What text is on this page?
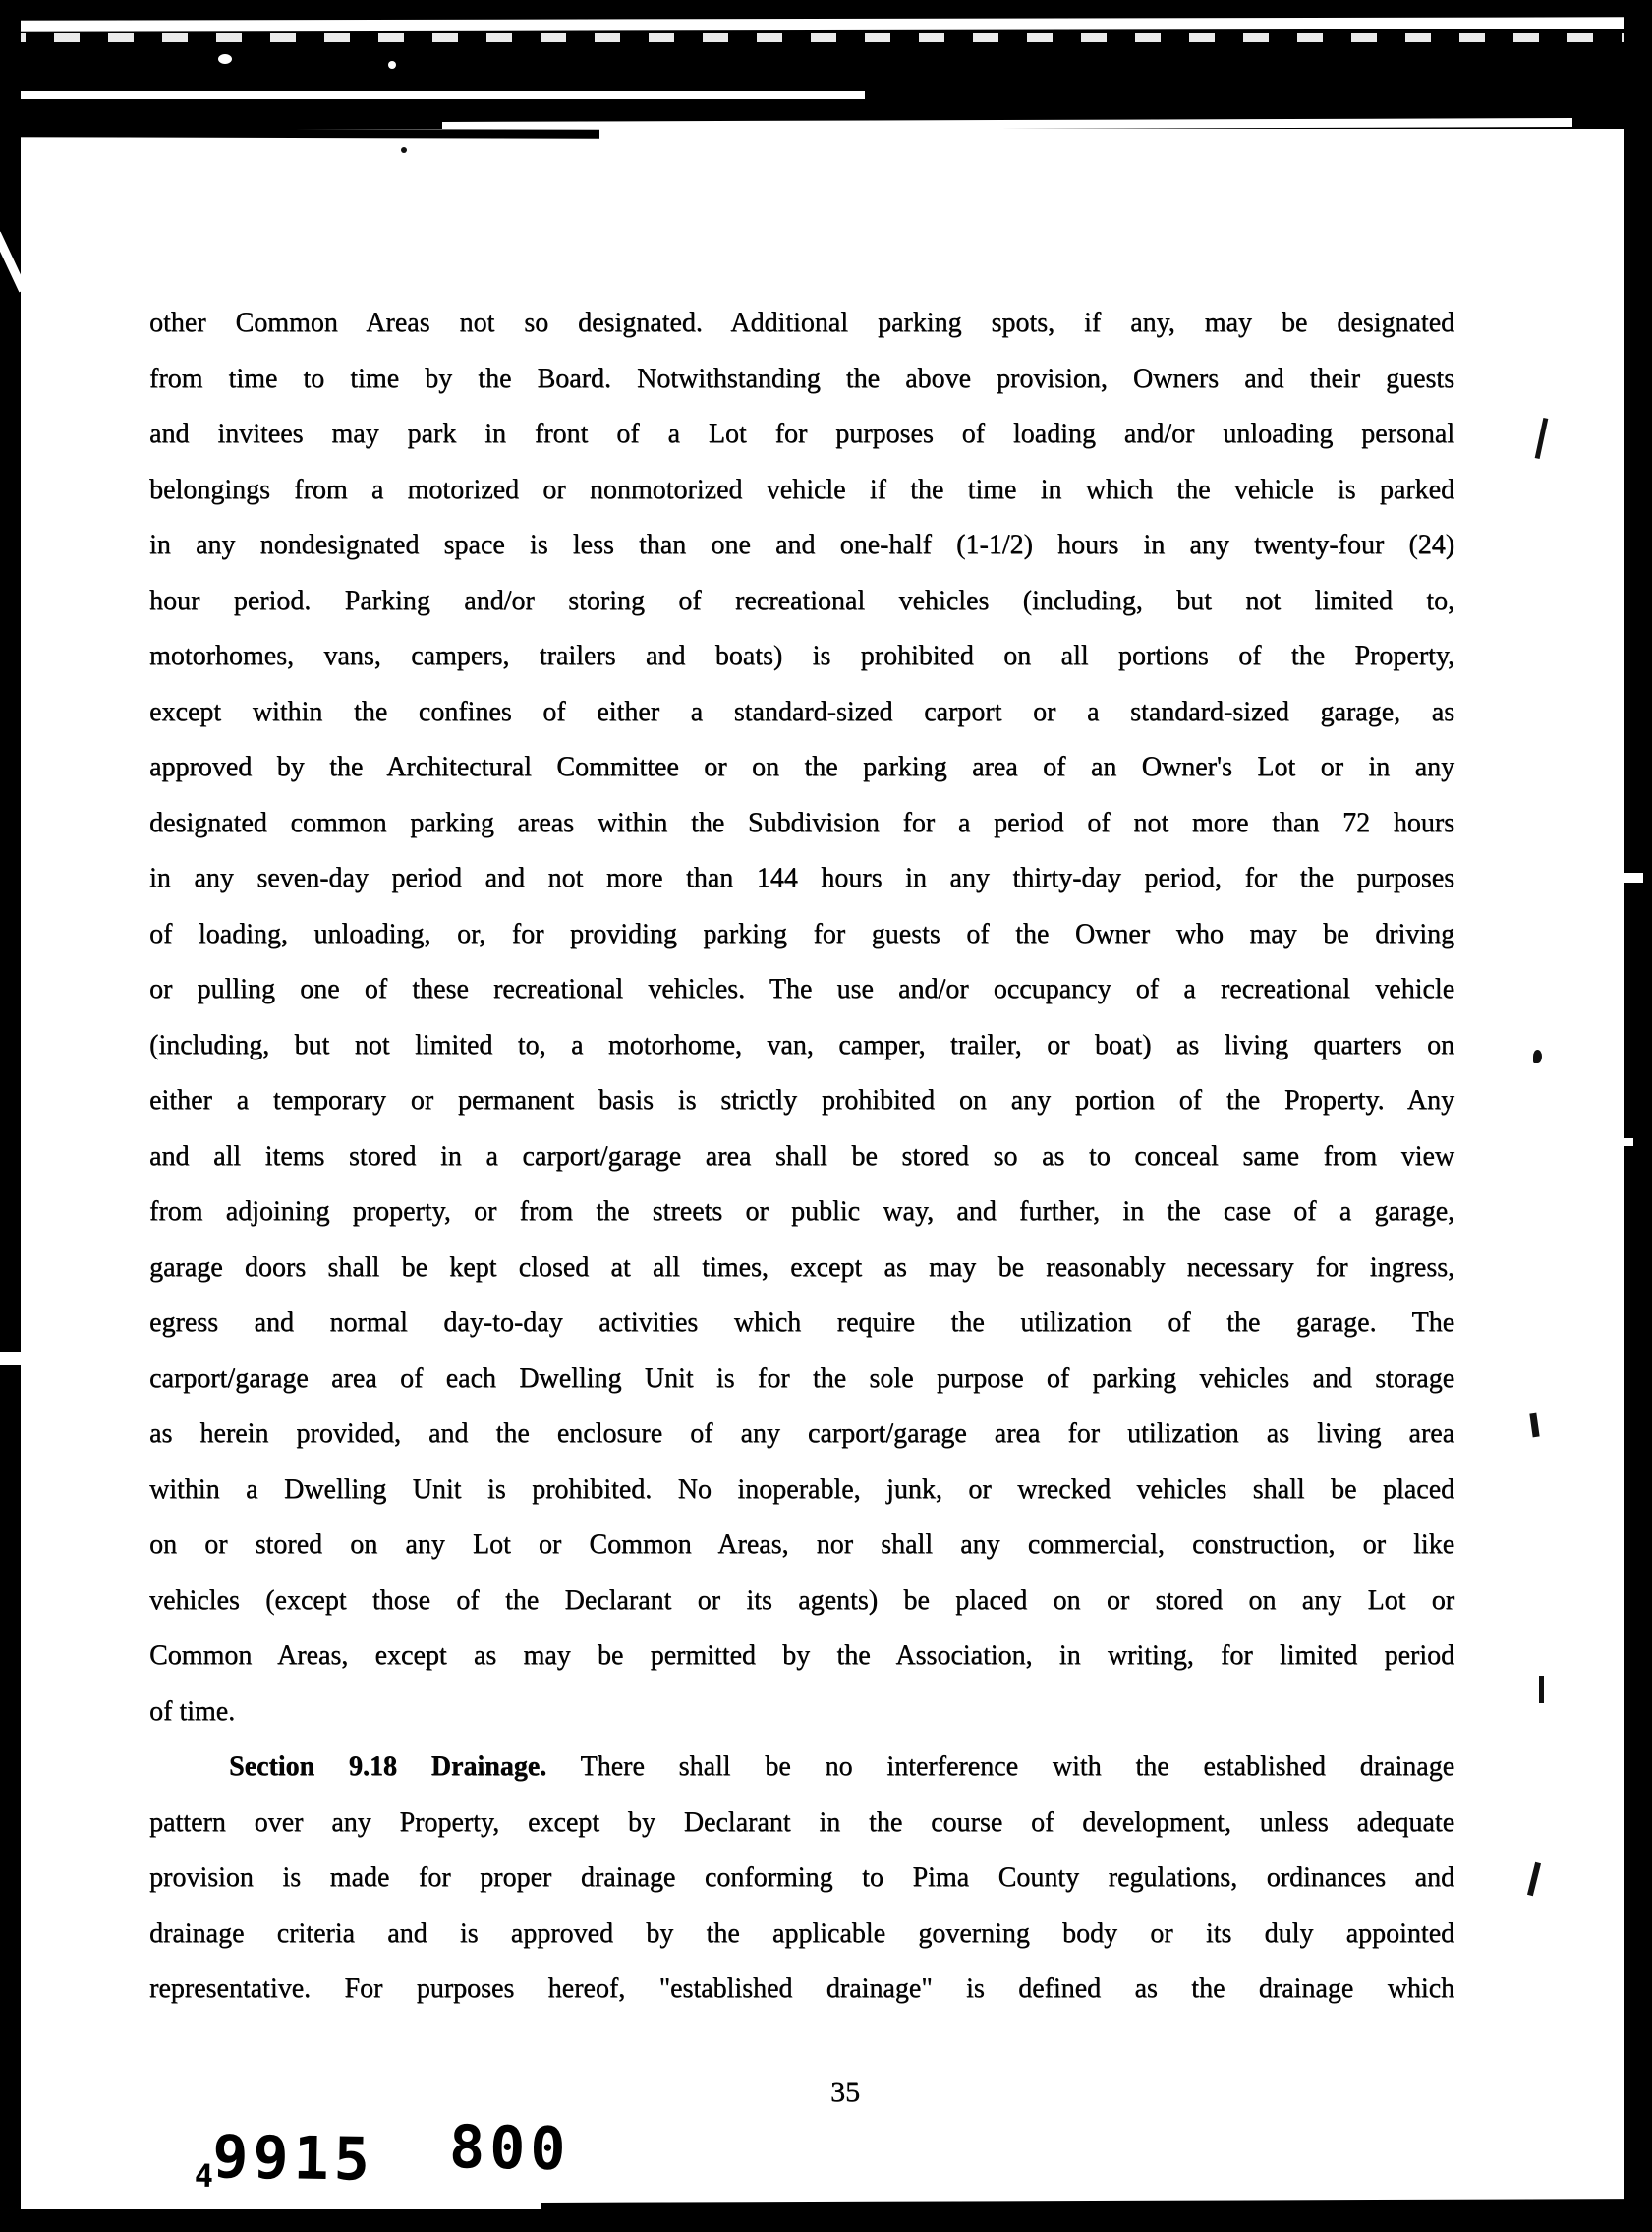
other Common Areas not so designated. Additional parking spots, if any, may be designated
from time to time by the Board. Notwithstanding the above provision, Owners and their guests
and invitees may park in front of a Lot for purposes of loading and/or unloading personal
belongings from a motorized or nonmotorized vehicle if the time in which the vehicle is parked
in any nondesignated space is less than one and one-half (1-1/2) hours in any twenty-four (24)
hour period. Parking and/or storing of recreational vehicles (including, but not limited to,
motorhomes, vans, campers, trailers and boats) is prohibited on all portions of the Property,
except within the confines of either a standard-sized carport or a standard-sized garage, as
approved by the Architectural Committee or on the parking area of an Owner's Lot or in any
designated common parking areas within the Subdivision for a period of not more than 72 hours
in any seven-day period and not more than 144 hours in any thirty-day period, for the purposes
of loading, unloading, or, for providing parking for guests of the Owner who may be driving
or pulling one of these recreational vehicles. The use and/or occupancy of a recreational vehicle
(including, but not limited to, a motorhome, van, camper, trailer, or boat) as living quarters on
either a temporary or permanent basis is strictly prohibited on any portion of the Property. Any
and all items stored in a carport/garage area shall be stored so as to conceal same from view
from adjoining property, or from the streets or public way, and further, in the case of a garage,
garage doors shall be kept closed at all times, except as may be reasonably necessary for ingress,
egress and normal day-to-day activities which require the utilization of the garage. The
carport/garage area of each Dwelling Unit is for the sole purpose of parking vehicles and storage
as herein provided, and the enclosure of any carport/garage area for utilization as living area
within a Dwelling Unit is prohibited. No inoperable, junk, or wrecked vehicles shall be placed
on or stored on any Lot or Common Areas, nor shall any commercial, construction, or like
vehicles (except those of the Declarant or its agents) be placed on or stored on any Lot or
Common Areas, except as may be permitted by the Association, in writing, for limited period
of time.
Section 9.18 Drainage. There shall be no interference with the established drainage
pattern over any Property, except by Declarant in the course of development, unless adequate
provision is made for proper drainage conforming to Pima County regulations, ordinances and
drainage criteria and is approved by the applicable governing body or its duly appointed
representative. For purposes hereof, "established drainage" is defined as the drainage which
35
4
9915 800
